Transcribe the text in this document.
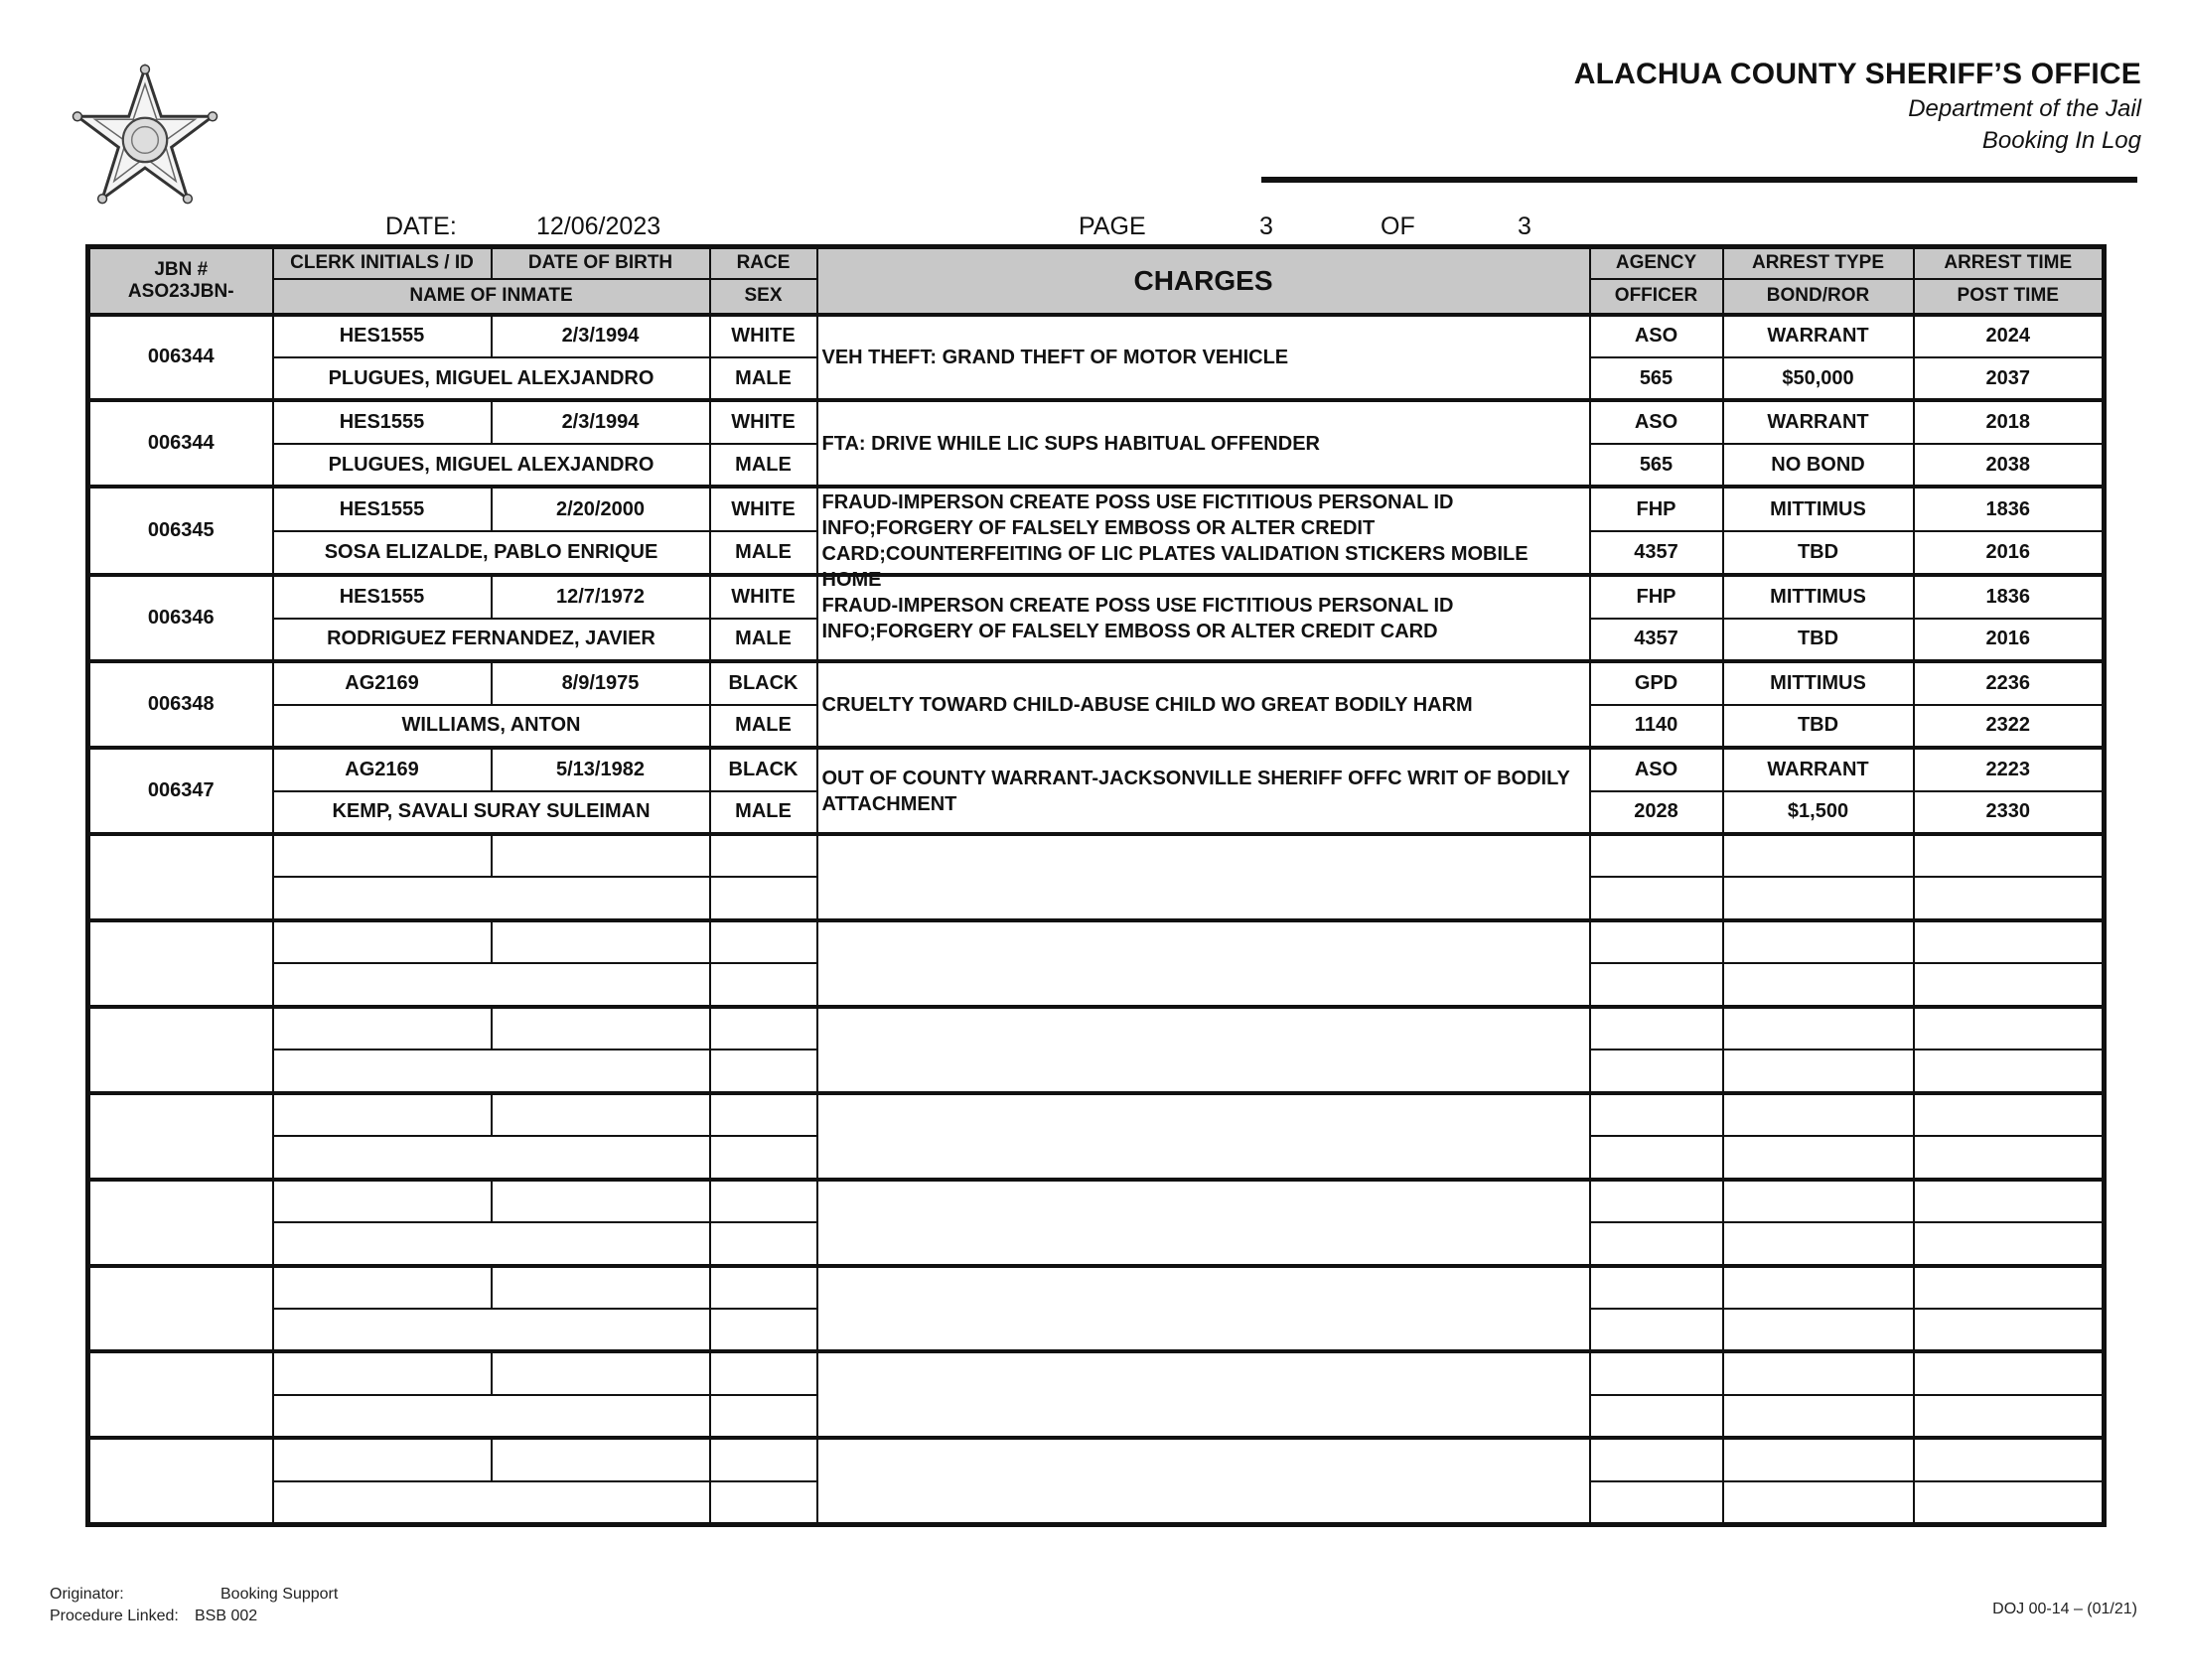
ALACHUA COUNTY SHERIFF’S OFFICE
Department of the Jail
Booking In Log
DATE:	12/06/2023	PAGE	3	OF	3
JBN #
ASO23JBN-	CLERK INITIALS / ID	DATE OF BIRTH	RACE	CHARGES	AGENCY	ARREST TYPE	ARREST TIME
	NAME OF INMATE		SEX		OFFICER	BOND/ROR	POST TIME
006344	HES1555	2/3/1994	WHITE	VEH THEFT: GRAND THEFT OF MOTOR VEHICLE	ASO	WARRANT	2024
	PLUGUES, MIGUEL ALEXJANDRO		MALE		565	$50,000	2037
006344	HES1555	2/3/1994	WHITE	FTA: DRIVE WHILE LIC SUPS HABITUAL OFFENDER	ASO	WARRANT	2018
	PLUGUES, MIGUEL ALEXJANDRO		MALE		565	NO BOND	2038
006345	HES1555	2/20/2000	WHITE	FRAUD-IMPERSON CREATE POSS USE FICTITIOUS PERSONAL ID INFO;FORGERY OF FALSELY EMBOSS OR ALTER CREDIT CARD;COUNTERFEITING OF LIC PLATES VALIDATION STICKERS MOBILE HOME	FHP	MITTIMUS	1836
	SOSA ELIZALDE, PABLO ENRIQUE		MALE		4357	TBD	2016
006346	HES1555	12/7/1972	WHITE	FRAUD-IMPERSON CREATE POSS USE FICTITIOUS PERSONAL ID INFO;FORGERY OF FALSELY EMBOSS OR ALTER CREDIT CARD	FHP	MITTIMUS	1836
	RODRIGUEZ FERNANDEZ, JAVIER		MALE		4357	TBD	2016
006348	AG2169	8/9/1975	BLACK	CRUELTY TOWARD CHILD-ABUSE CHILD WO GREAT BODILY HARM	GPD	MITTIMUS	2236
	WILLIAMS, ANTON		MALE		1140	TBD	2322
006347	AG2169	5/13/1982	BLACK	OUT OF COUNTY WARRANT-JACKSONVILLE SHERIFF OFFC WRIT OF BODILY ATTACHMENT	ASO	WARRANT	2223
	KEMP, SAVALI SURAY SULEIMAN		MALE		2028	$1,500	2330

Originator:	Booking Support
Procedure Linked: BSB 002	DOJ 00-14 – (01/21)
